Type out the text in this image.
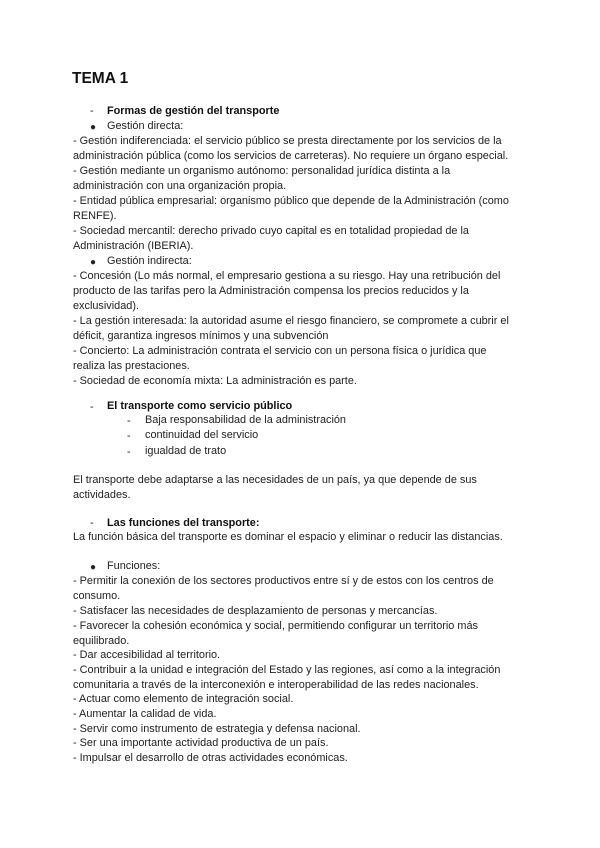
TEMA 1
- Formas de gestión del transporte
● Gestión directa:
- Gestión indiferenciada: el servicio público se presta directamente por los servicios de la
administración pública (como los servicios de carreteras). No requiere un órgano especial.
- Gestión mediante un organismo autónomo: personalidad jurídica distinta a la
administración con una organización propia.
- Entidad pública empresarial: organismo público que depende de la Administración (como
RENFE).
- Sociedad mercantil: derecho privado cuyo capital es en totalidad propiedad de la
Administración (IBERIA).
● Gestión indirecta:
- Concesión (Lo más normal, el empresario gestiona a su riesgo. Hay una retribución del
producto de las tarifas pero la Administración compensa los precios reducidos y la
exclusividad).
- La gestión interesada: la autoridad asume el riesgo financiero, se compromete a cubrir el
déficit, garantiza ingresos mínimos y una subvención
- Concierto: La administración contrata el servicio con un persona física o jurídica que
realiza las prestaciones.
- Sociedad de economía mixta: La administración es parte.
- El transporte como servicio público
- Baja responsabilidad de la administración
- continuidad del servicio
- igualdad de trato
El transporte debe adaptarse a las necesidades de un país, ya que depende de sus
actividades.
- Las funciones del transporte:
La función básica del transporte es dominar el espacio y eliminar o reducir las distancias.
● Funciones:
- Permitir la conexión de los sectores productivos entre sí y de estos con los centros de
consumo.
- Satisfacer las necesidades de desplazamiento de personas y mercancías.
- Favorecer la cohesión económica y social, permitiendo configurar un territorio más
equilibrado.
- Dar accesibilidad al territorio.
- Contribuir a la unidad e integración del Estado y las regiones, así como a la integración
comunitaria a través de la interconexión e interoperabilidad de las redes nacionales.
- Actuar como elemento de integración social.
- Aumentar la calidad de vida.
- Servir como instrumento de estrategia y defensa nacional.
- Ser una importante actividad productiva de un país.
- Impulsar el desarrollo de otras actividades económicas.
